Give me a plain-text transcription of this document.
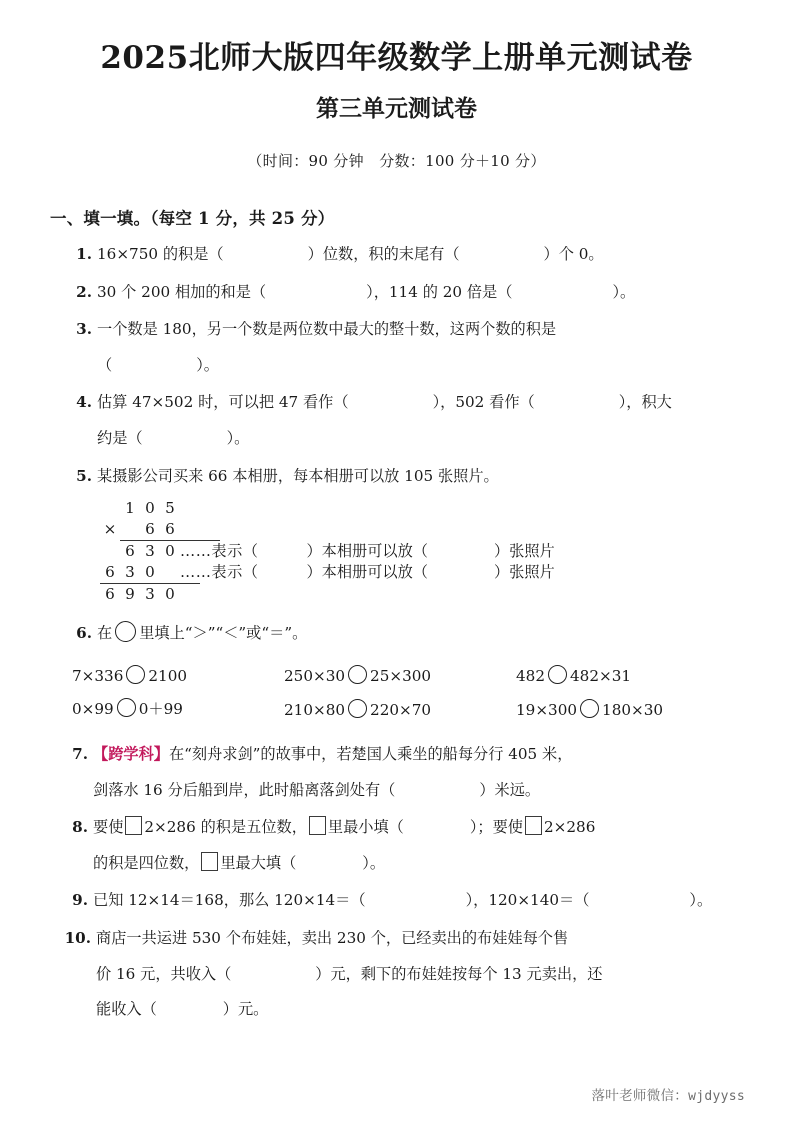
2025北师大版四年级数学上册单元测试卷
第三单元测试卷

（时间：90 分钟　分数：100 分＋10 分）

一、填一填。（每空 1 分，共 25 分）

1. 16×750 的积是（	）位数，积的末尾有（	）个 0。
2. 30 个 200 相加的和是（	），114 的 20 倍是（	）。
3. 一个数是 180，另一个数是两位数中最大的整十数，这两个数的积是
（	）。
4. 估算 47×502 时，可以把 47 看作（	），502 看作（	），积大
约是（	）。
5. 某摄影公司买来 66 本相册，每本相册可以放 105 张照片。
1 0 5
×	6 6
6 3 0 ……表示（	）本相册可以放（	）张照片
6 3 0	……表示（	）本相册可以放（	）张照片
6 9 3 0
6. 在 里填上“＞”“＜”或“＝”。
7×336 2100	250×30 25×300	482 482×31
0×99 0＋99	210×80 220×70	19×300 180×30
7. 【跨学科】在“刻舟求剑”的故事中，若楚国人乘坐的船每分行 405 米，
剑落水 16 分后船到岸，此时船离落剑处有（	）米远。
8. 要使 2×286 的积是五位数， 里最小填（	）；要使 2×286
的积是四位数， 里最大填（	）。
9. 已知 12×14＝168，那么 120×14＝（	），120×140＝（	）。
10. 商店一共运进 530 个布娃娃，卖出 230 个，已经卖出的布娃娃每个售
价 16 元，共收入（	）元，剩下的布娃娃按每个 13 元卖出，还
能收入（	）元。
落叶老师微信：wjdyyss
